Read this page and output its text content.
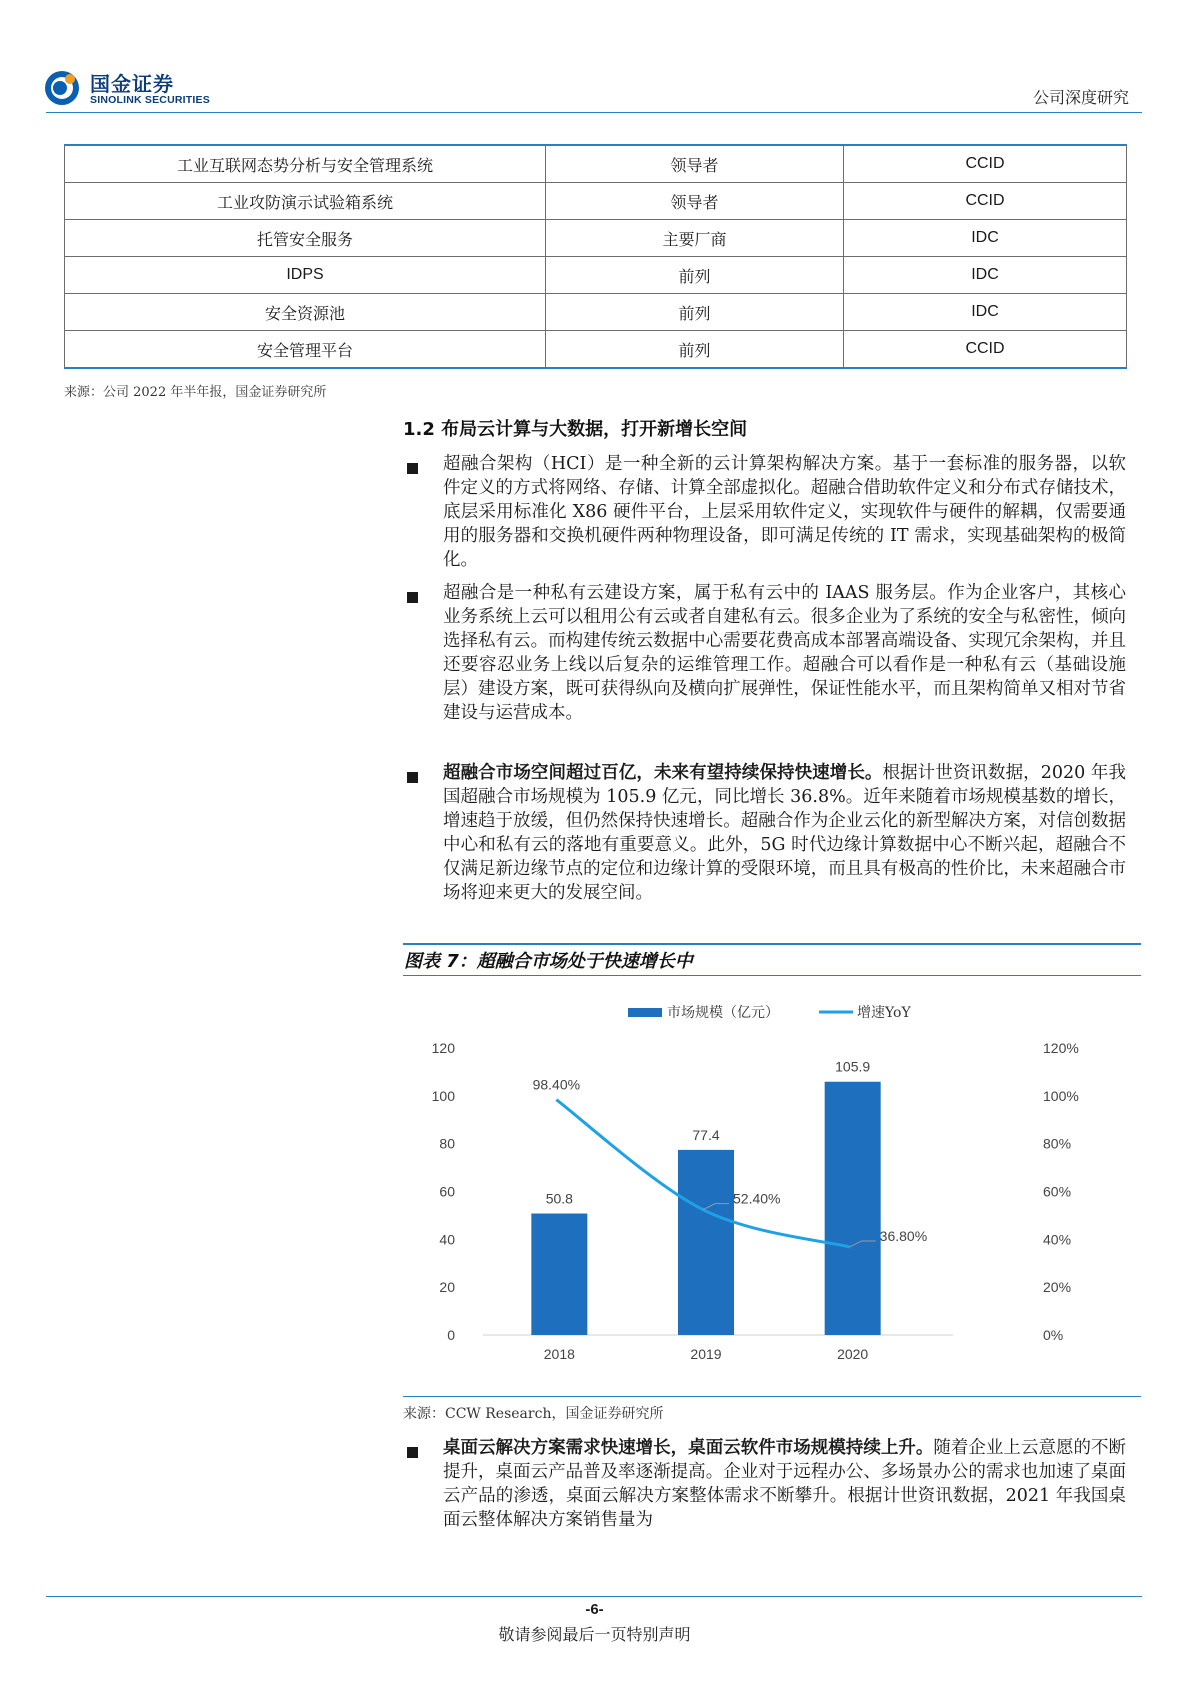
国金证券
SINOLINK SECURITIES	公司深度研究
工业互联网态势分析与安全管理系统	领导者	CCID
工业攻防演示试验箱系统	领导者	CCID
托管安全服务	主要厂商	IDC
IDPS	前列	IDC
安全资源池	前列	IDC
安全管理平台	前列	CCID
来源：公司 2022 年半年报，国金证券研究所
1.2 布局云计算与大数据，打开新增长空间
超融合架构（HCI）是一种全新的云计算架构解决方案。基于一套标准的服务器，以软件定义的方式将网络、存储、计算全部虚拟化。超融合借助软件定义和分布式存储技术，底层采用标准化 X86 硬件平台，上层采用软件定义，实现软件与硬件的解耦，仅需要通用的服务器和交换机硬件两种物理设备，即可满足传统的 IT 需求，实现基础架构的极简化。
超融合是一种私有云建设方案，属于私有云中的 IAAS 服务层。作为企业客户，其核心业务系统上云可以租用公有云或者自建私有云。很多企业为了系统的安全与私密性，倾向选择私有云。而构建传统云数据中心需要花费高成本部署高端设备、实现冗余架构，并且还要容忍业务上线以后复杂的运维管理工作。超融合可以看作是一种私有云（基础设施层）建设方案，既可获得纵向及横向扩展弹性，保证性能水平，而且架构简单又相对节省建设与运营成本。
超融合市场空间超过百亿，未来有望持续保持快速增长。根据计世资讯数据，2020 年我国超融合市场规模为 105.9 亿元，同比增长 36.8%。近年来随着市场规模基数的增长，增速趋于放缓，但仍然保持快速增长。超融合作为企业云化的新型解决方案，对信创数据中心和私有云的落地有重要意义。此外，5G 时代边缘计算数据中心不断兴起，超融合不仅满足新边缘节点的定位和边缘计算的受限环境，而且具有极高的性价比，未来超融合市场将迎来更大的发展空间。
图表 7：超融合市场处于快速增长中
市场规模（亿元）	增速YoY
0
20
40
60
80
100
120
0%
20%
40%
60%
80%
100%
120%
50.8
2018
77.4
2019
105.9
2020
98.40%
52.40%
36.80%
来源：CCW Research，国金证券研究所
桌面云解决方案需求快速增长，桌面云软件市场规模持续上升。随着企业上云意愿的不断提升，桌面云产品普及率逐渐提高。企业对于远程办公、多场景办公的需求也加速了桌面云产品的渗透，桌面云解决方案整体需求不断攀升。根据计世资讯数据，2021 年我国桌面云整体解决方案销售量为
-6-
敬请参阅最后一页特别声明
